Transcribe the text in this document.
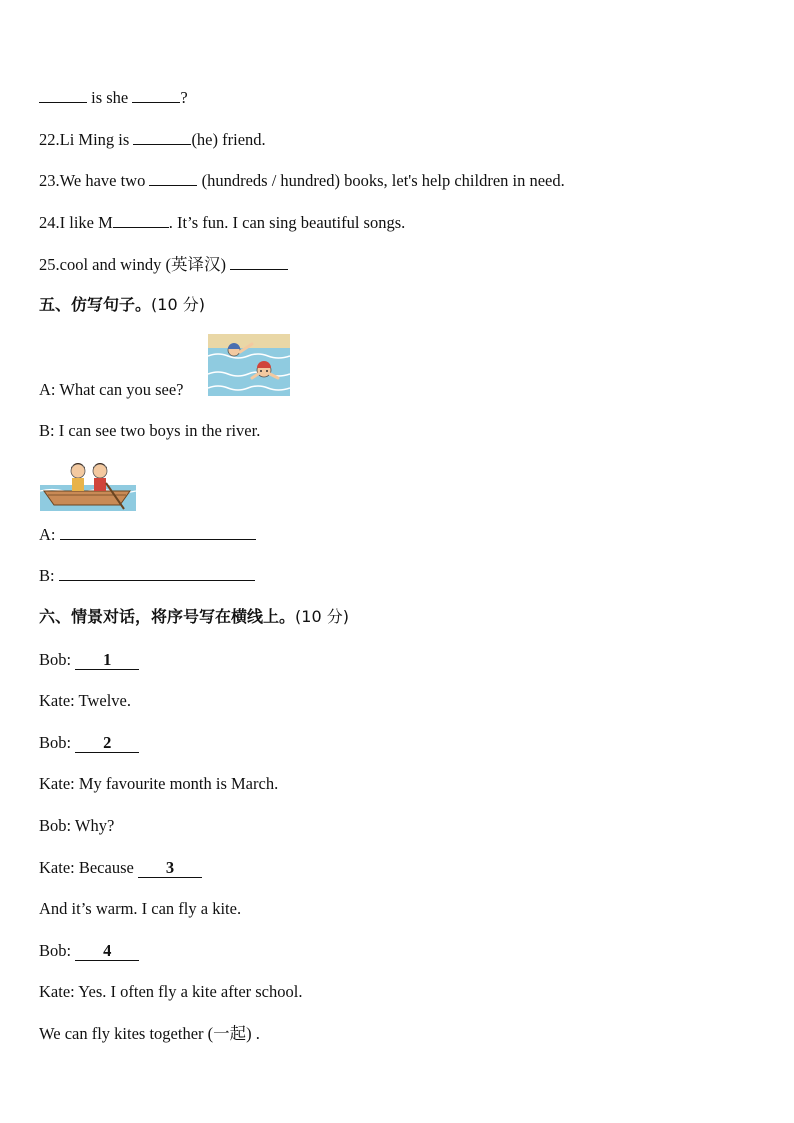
is she	?
22.Li Ming is	(he) friend.
23.We have two	(hundreds / hundred) books, let's help children in need.
24.I like M	. It’s fun. I can sing beautiful songs.
25.cool and windy (英译汉)
五、仿写句子。(10 分)
A: What can you see?
B: I can see two boys in the river.
A:
B:
六、情景对话，将序号写在横线上。(10 分)
Bob: 1
Kate: Twelve.
Bob: 2
Kate: My favourite month is March.
Bob: Why?
Kate: Because 3
And it’s warm. I can fly a kite.
Bob: 4
Kate: Yes. I often fly a kite after school.
We can fly kites together (一起) .
